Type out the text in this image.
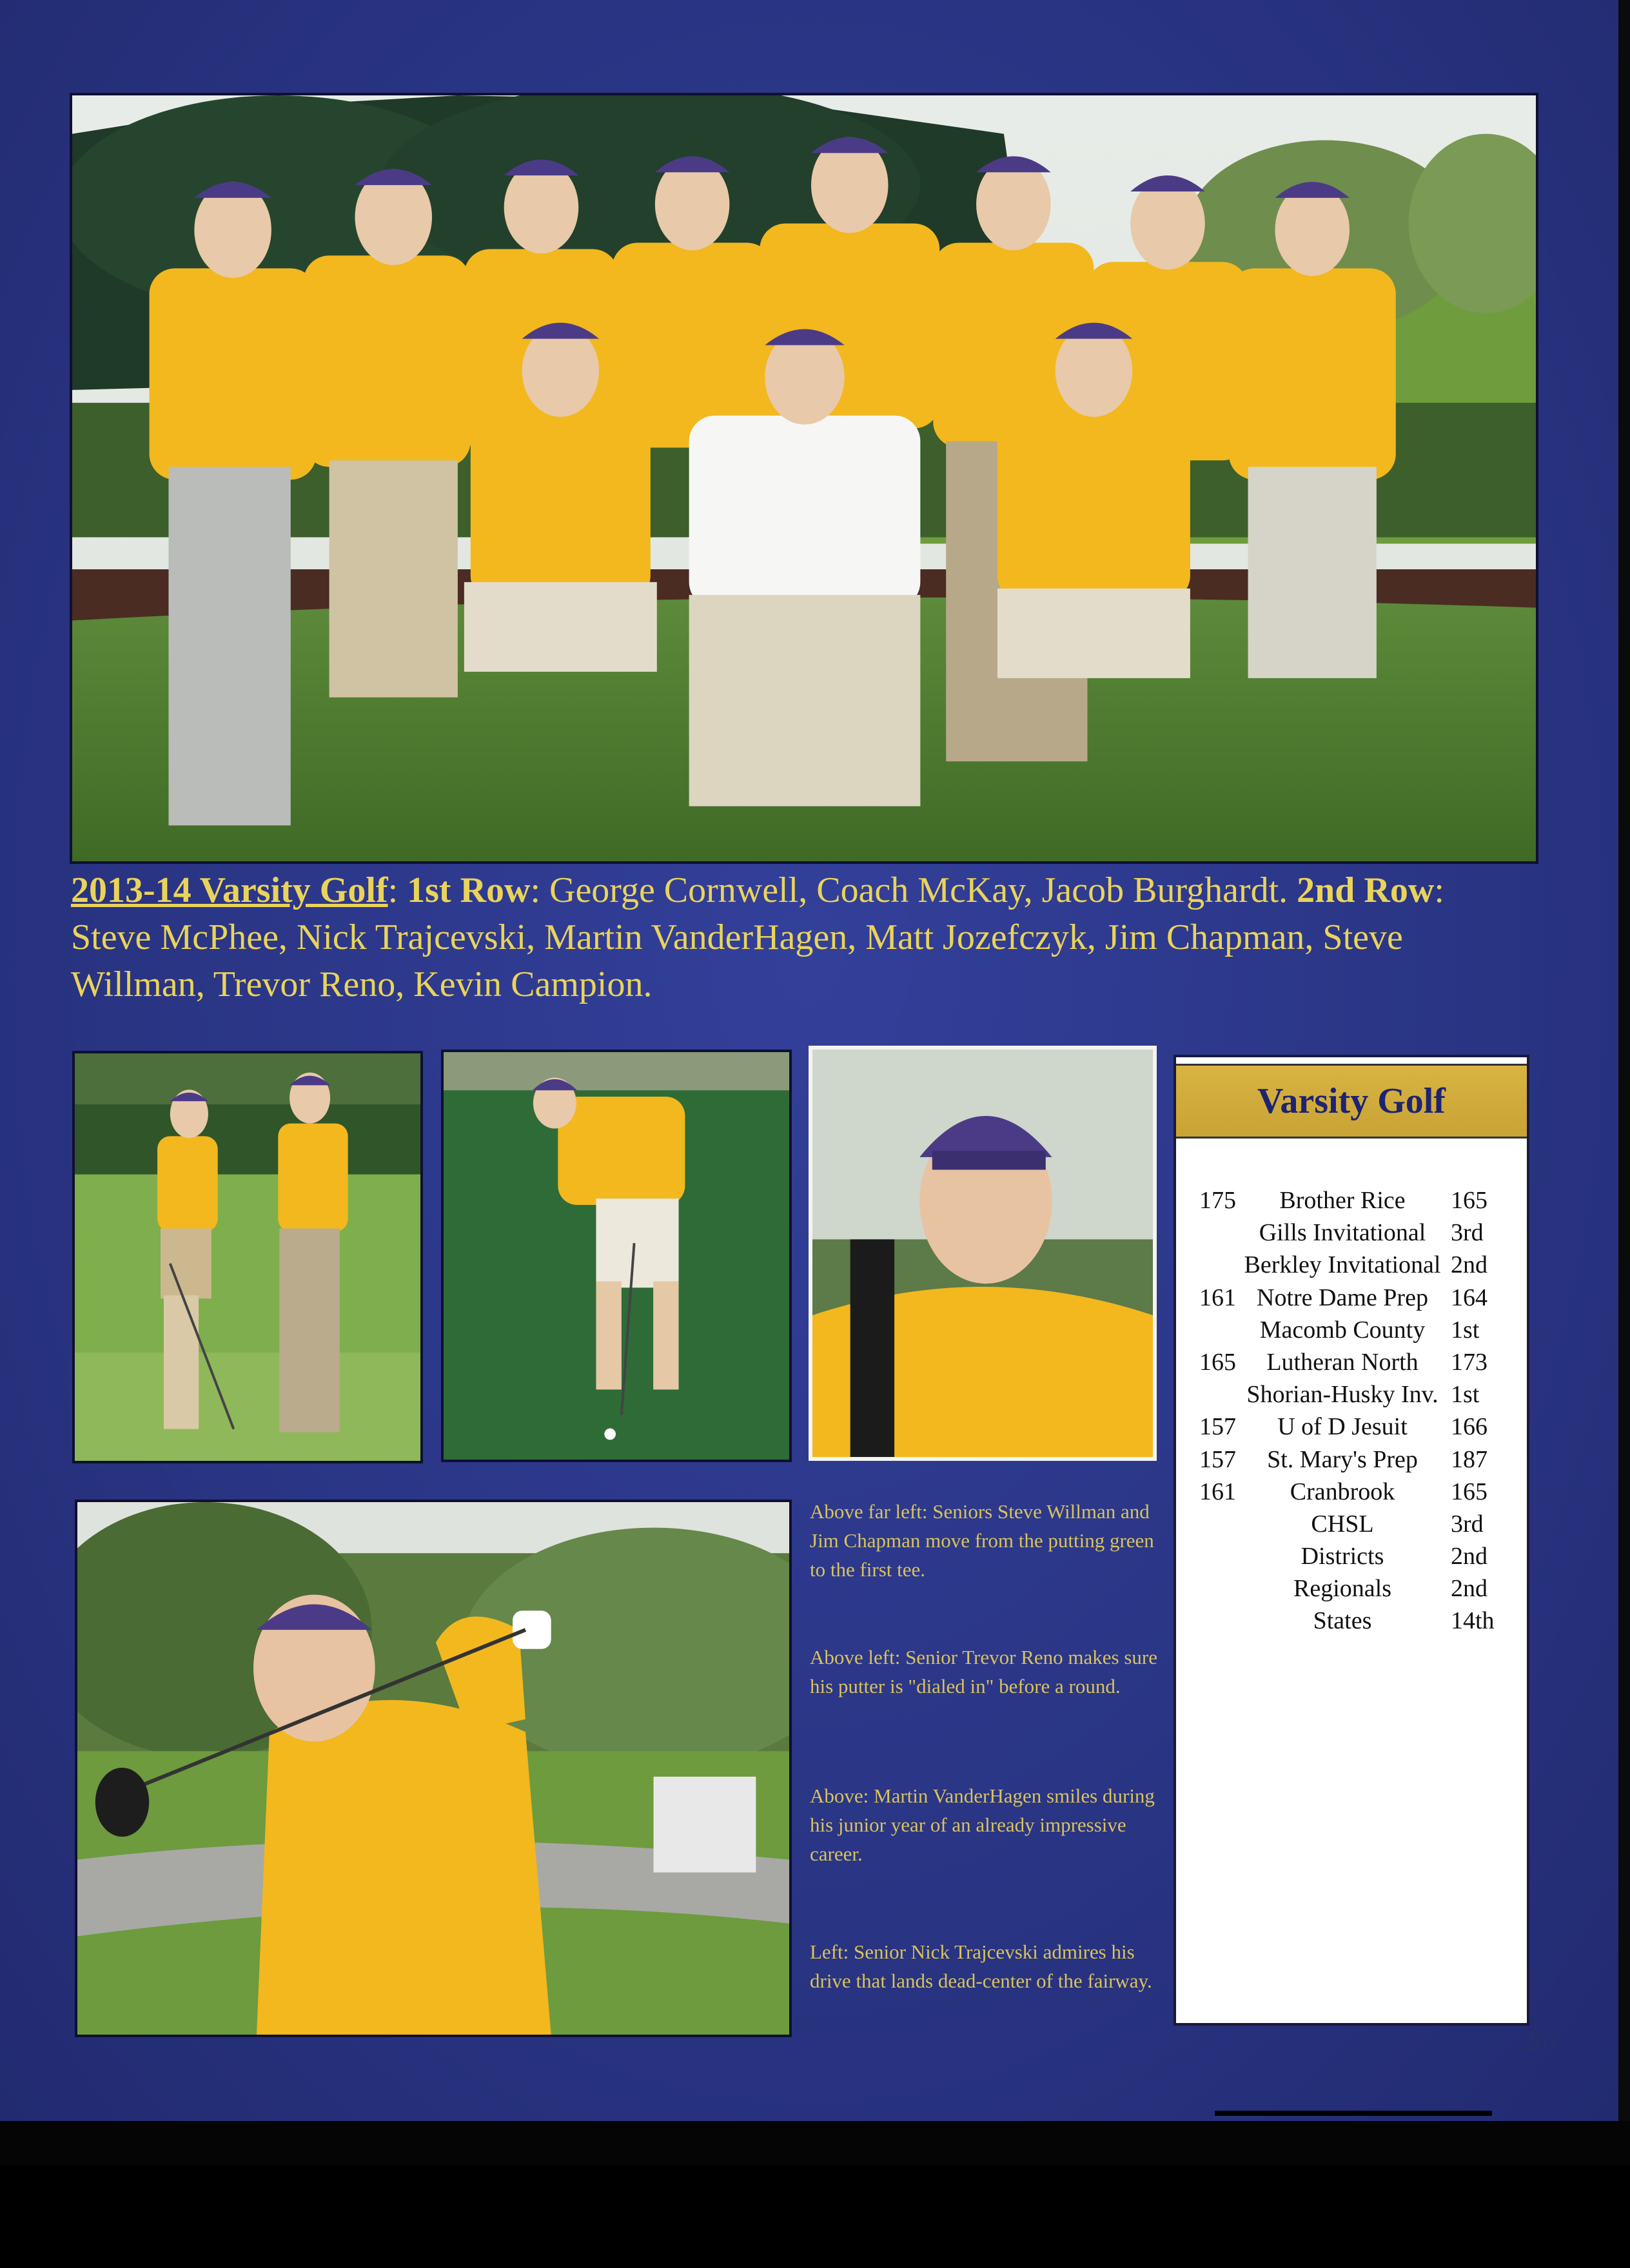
2013-14 Varsity Golf: 1st Row: George Cornwell, Coach McKay, Jacob Burghardt. 2nd Row: Steve McPhee, Nick Trajcevski, Martin VanderHagen, Matt Jozefczyk, Jim Chapman, Steve Willman, Trevor Reno, Kevin Campion.
Above far left: Seniors Steve Willman and Jim Chapman move from the putting green to the first tee.
Above left: Senior Trevor Reno makes sure his putter is "dialed in" before a round.
Above: Martin VanderHagen smiles during his junior year of an already impressive career.
Left: Senior Nick Trajcevski admires his drive that lands dead-center of the fairway.
Varsity Golf
175	Brother Rice	165
Gills Invitational	3rd
Berkley Invitational 2nd
161 Notre Dame Prep 164
Macomb County	1st
165	Lutheran North	173
Shorian-Husky Inv. 1st
157	U of D Jesuit	166
157	St. Mary's Prep	187
161	Cranbrook	165
CHSL	3rd
Districts	2nd
Regionals	2nd
States	14th
Head Coach:
Doug McKay
207
